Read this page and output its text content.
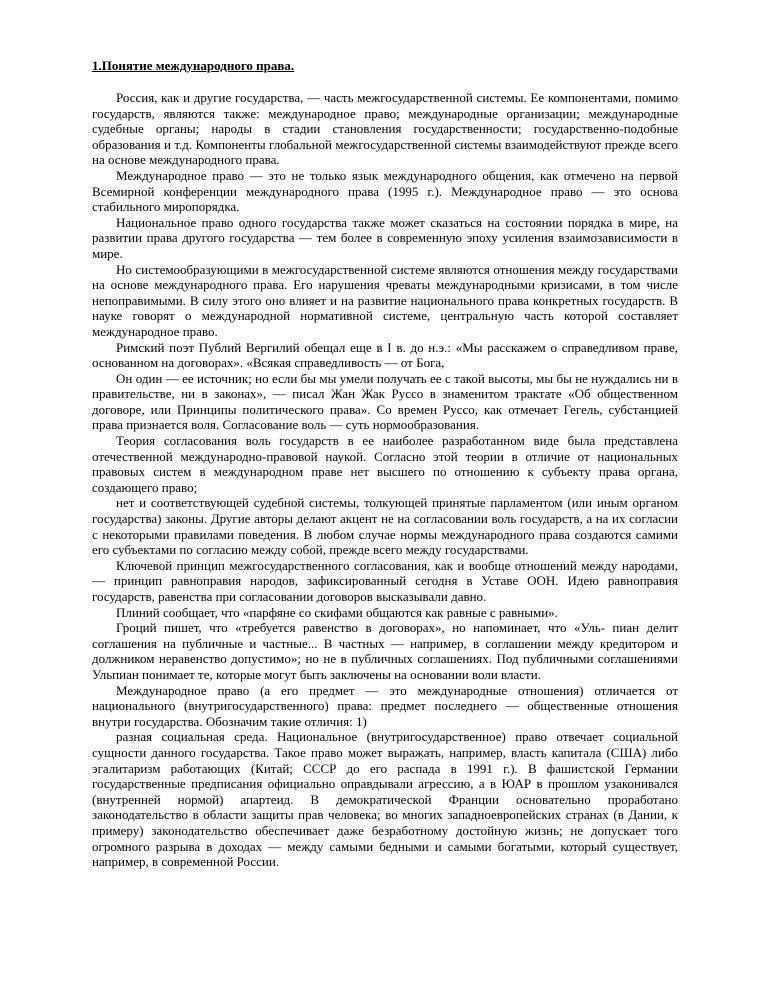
1.Понятие международного права.

Россия, как и другие государства, — часть межгосударственной системы. Ее компонентами, помимо государств, являются также: международное право; международные организации; международные судебные органы; народы в стадии становления государственности; государственно-подобные образования и т.д. Компоненты глобальной межгосударственной системы взаимодействуют прежде всего на основе международного права.

Международное право — это не только язык международного общения, как отмечено на первой Всемирной конференции международного права (1995 г.). Международное право — это основа стабильного миропорядка.

Национальное право одного государства также может сказаться на состоянии порядка в мире, на развитии права другого государства — тем более в современную эпоху усиления взаимозависимости в мире.

Но системообразующими в межгосударственной системе являются отношения между государствами на основе международного права. Его нарушения чреваты международными кризисами, в том числе непоправимыми. В силу этого оно влияет и на развитие национального права конкретных государств. В науке говорят о международной нормативной системе, центральную часть которой составляет международное право.

Римский поэт Публий Вергилий обещал еще в I в. до н.э.: «Мы расскажем о справедливом праве, основанном на договорах». «Всякая справедливость — от Бога,

Он один — ее источник; но если бы мы умели получать ее с такой высоты, мы бы не нуждались ни в правительстве, ни в законах», — писал Жан Жак Руссо в знаменитом трактате «Об общественном договоре, или Принципы политического права». Со времен Руссо, как отмечает Гегель, субстанцией права признается воля. Согласование воль — суть нормообразования.

Теория согласования воль государств в ее наиболее разработанном виде была представлена отечественной международно-правовой наукой. Согласно этой теории в отличие от национальных правовых систем в международном праве нет высшего по отношению к субъекту права органа, создающего право;

нет и соответствующей судебной системы, толкующей принятые парламентом (или иным органом государства) законы. Другие авторы делают акцент не на согласовании воль государств, а на их согласии с некоторыми правилами поведения. В любом случае нормы международного права создаются самими его субъектами по согласию между собой, прежде всего между государствами.

Ключевой принцип межгосударственного согласования, как и вообще отношений между народами, — принцип равноправия народов, зафиксированный сегодня в Уставе ООН. Идею равноправия государств, равенства при согласовании договоров высказывали давно.

Плиний сообщает, что «парфяне со скифами общаются как равные с равными».

Гроций пишет, что «требуется равенство в договорах», но напоминает, что «Уль- пиан делит соглашения на публичные и частные... В частных — например, в соглашении между кредитором и должником неравенство допустимо»; но не в публичных соглашениях. Под публичными соглашениями Ульпиан понимает те, которые могут быть заключены на основании воли власти.

Международное право (а его предмет — это международные отношения) отличается от национального (внутригосударственного) права: предмет последнего — общественные отношения внутри государства. Обозначим такие отличия: 1)

разная социальная среда. Национальное (внутригосударственное) право отвечает социальной сущности данного государства. Такое право может выражать, например, власть капитала (США) либо эгалитаризм работающих (Китай; СССР до его распада в 1991 г.). В фашистской Германии государственные предписания официально оправдывали агрессию, а в ЮАР в прошлом узаконивался (внутренней нормой) апартеид. В демократической Франции основательно проработано законодательство в области защиты прав человека; во многих западноевропейских странах (в Дании, к примеру) законодательство обеспечивает даже безработному достойную жизнь; не допускает того огромного разрыва в доходах — между самыми бедными и самыми богатыми, который существует, например, в современной России.
